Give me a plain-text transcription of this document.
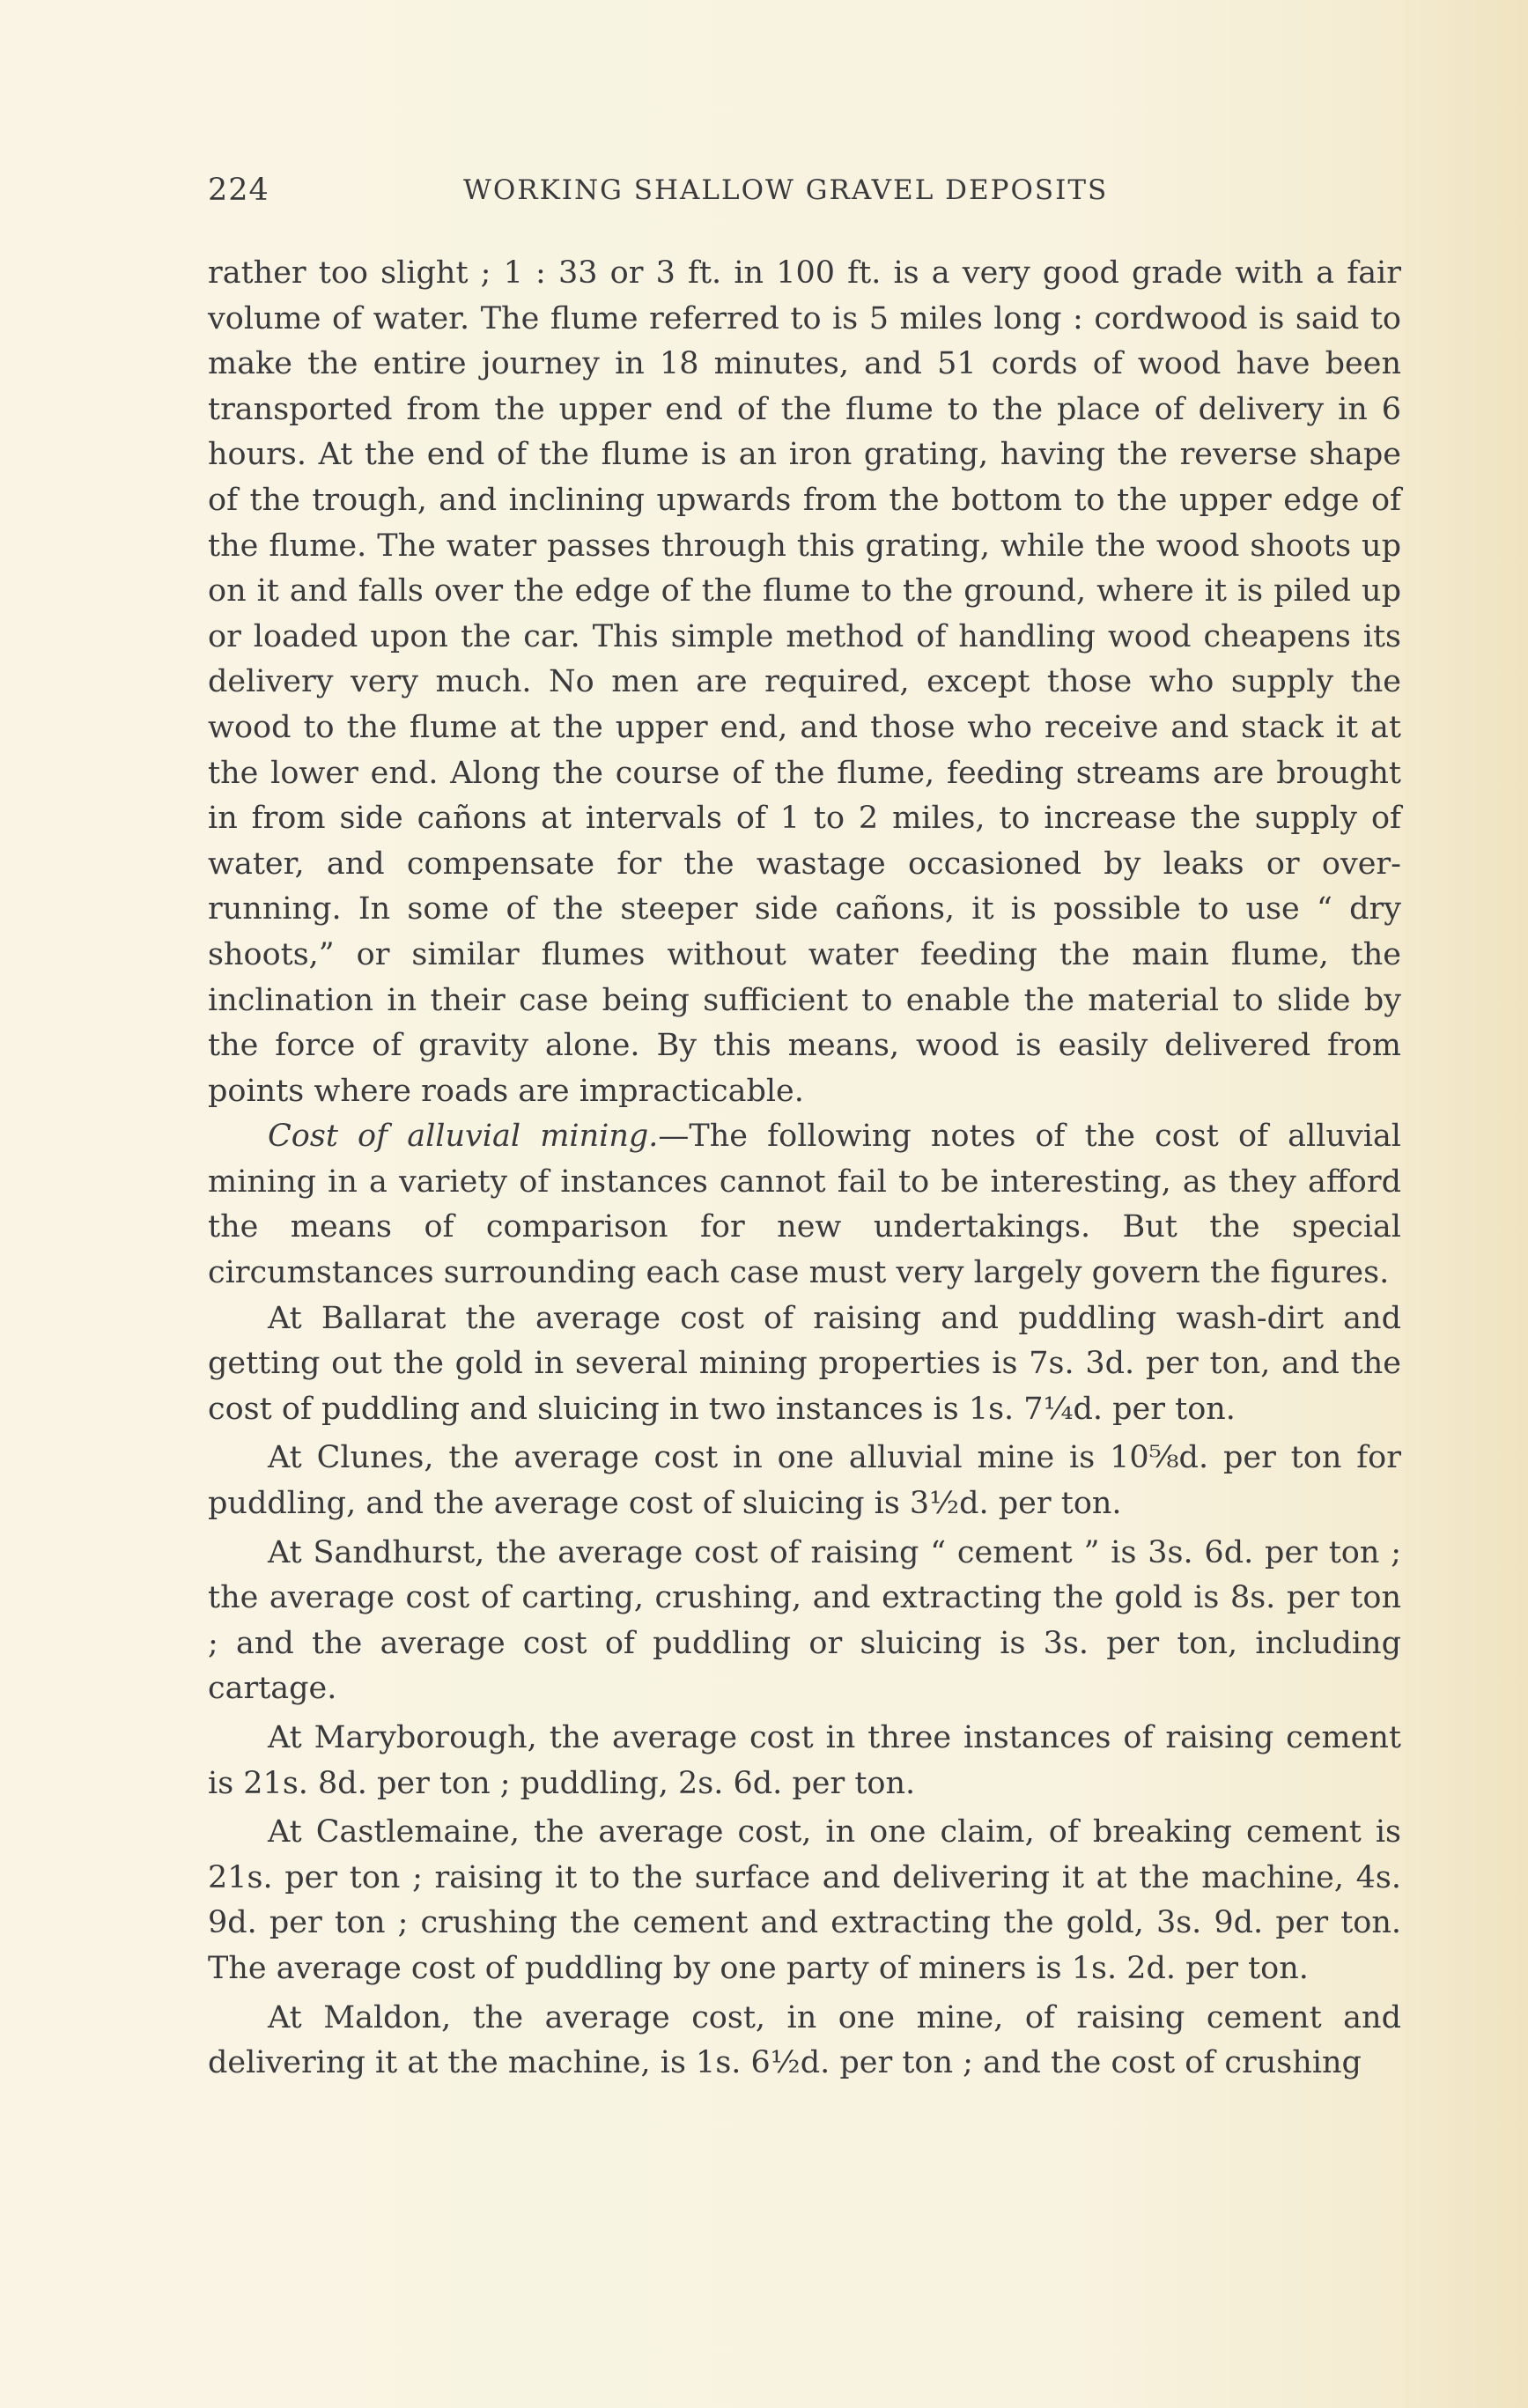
224	WORKING SHALLOW GRAVEL DEPOSITS

rather too slight ; 1 : 33 or 3 ft. in 100 ft. is a very good grade with a fair volume of water. The flume referred to is 5 miles long : cordwood is said to make the entire journey in 18 minutes, and 51 cords of wood have been transported from the upper end of the flume to the place of delivery in 6 hours. At the end of the flume is an iron grating, having the reverse shape of the trough, and inclining upwards from the bottom to the upper edge of the flume. The water passes through this grating, while the wood shoots up on it and falls over the edge of the flume to the ground, where it is piled up or loaded upon the car. This simple method of handling wood cheapens its delivery very much. No men are required, except those who supply the wood to the flume at the upper end, and those who receive and stack it at the lower end. Along the course of the flume, feeding streams are brought in from side cañons at intervals of 1 to 2 miles, to increase the supply of water, and compensate for the wastage occasioned by leaks or over-running. In some of the steeper side cañons, it is possible to use “ dry shoots,” or similar flumes without water feeding the main flume, the inclination in their case being sufficient to enable the material to slide by the force of gravity alone. By this means, wood is easily delivered from points where roads are impracticable.

Cost of alluvial mining.—The following notes of the cost of alluvial mining in a variety of instances cannot fail to be interesting, as they afford the means of comparison for new undertakings. But the special circumstances surrounding each case must very largely govern the figures.

At Ballarat the average cost of raising and puddling wash-dirt and getting out the gold in several mining properties is 7s. 3d. per ton, and the cost of puddling and sluicing in two instances is 1s. 7¼d. per ton.

At Clunes, the average cost in one alluvial mine is 10⅝d. per ton for puddling, and the average cost of sluicing is 3½d. per ton.

At Sandhurst, the average cost of raising “ cement ” is 3s. 6d. per ton ; the average cost of carting, crushing, and extracting the gold is 8s. per ton ; and the average cost of puddling or sluicing is 3s. per ton, including cartage.

At Maryborough, the average cost in three instances of raising cement is 21s. 8d. per ton ; puddling, 2s. 6d. per ton.

At Castlemaine, the average cost, in one claim, of breaking cement is 21s. per ton ; raising it to the surface and delivering it at the machine, 4s. 9d. per ton ; crushing the cement and extracting the gold, 3s. 9d. per ton. The average cost of puddling by one party of miners is 1s. 2d. per ton.

At Maldon, the average cost, in one mine, of raising cement and delivering it at the machine, is 1s. 6½d. per ton ; and the cost of crushing
